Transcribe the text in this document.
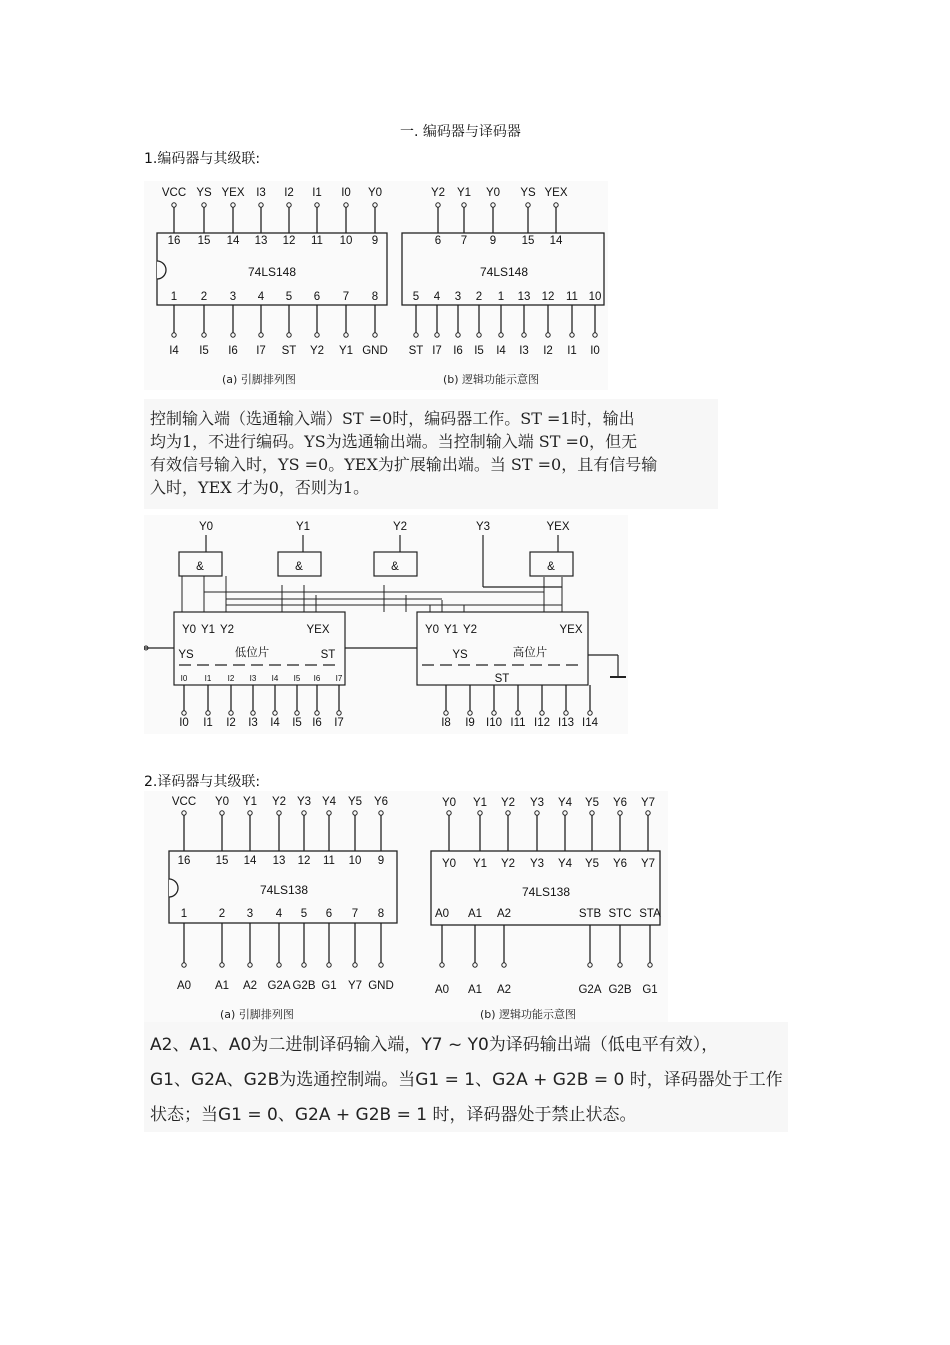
一. 编码器与译码器
1.编码器与其级联:
VCC
16
1
I4
YS
15
2
I5
YEX
14
3
I6
I3
13
4
I7
I2
12
5
ST
I1
11
6
Y2
I0
10
7
Y1
Y0
9
8
GND
Y2
6
Y1
7
Y0
9
YS
15
YEX
14
5
ST
4
I7
3
I6
2
I5
1
I4
13
I3
12
I2
11
I1
10
I0
74LS148	74LS148
(a) 引脚排列图	(b) 逻辑功能示意图
控制输入端（选通输入端）ST =0时，编码器工作。ST =1时，输出
均为1，不进行编码。YS为选通输出端。当控制输入端 ST =0，但无
有效信号输入时，YS =0。YEX为扩展输出端。当 ST =0，且有信号输
入时，YEX 才为0，否则为1。
Y0	Y1	Y2	Y3	YEX
&	&	&	&
Y0 Y1 Y2	YEX	Y0 Y1 Y2	YEX
YS	ST	YS
ST
I0
I0
I1
I1
I2
I2
I3
I3
I4
I4
I5
I5
I6
I6
I7
I7	I8 I9 I10 I11 I12 I13 I14
低位片	高位片
2.译码器与其级联:
VCC
16
1
A0
Y0
15
2
A1
Y1
14
3
A2
Y2
13
4
G2A
Y3
12
5
G2B
Y4
11
6
G1
Y5
10
7
Y7
Y6
9
8
GND
Y0
Y0
Y1
Y1
Y2
Y2
Y3
Y3
Y4
Y4
Y5
Y5
Y6
Y6
Y7
Y7
A0
A0
A1
A1
A2
A2
STB
G2A
STC
G2B
STA
G1
74LS138	74LS138
(a) 引脚排列图	(b) 逻辑功能示意图
A2、A1、A0为二进制译码输入端，Y7 ~ Y0为译码输出端（低电平有效），
G1、G2A、G2B为选通控制端。当G1 = 1、G2A + G2B = 0 时，译码器处于工作
状态；当G1 = 0、G2A + G2B = 1 时，译码器处于禁止状态。
